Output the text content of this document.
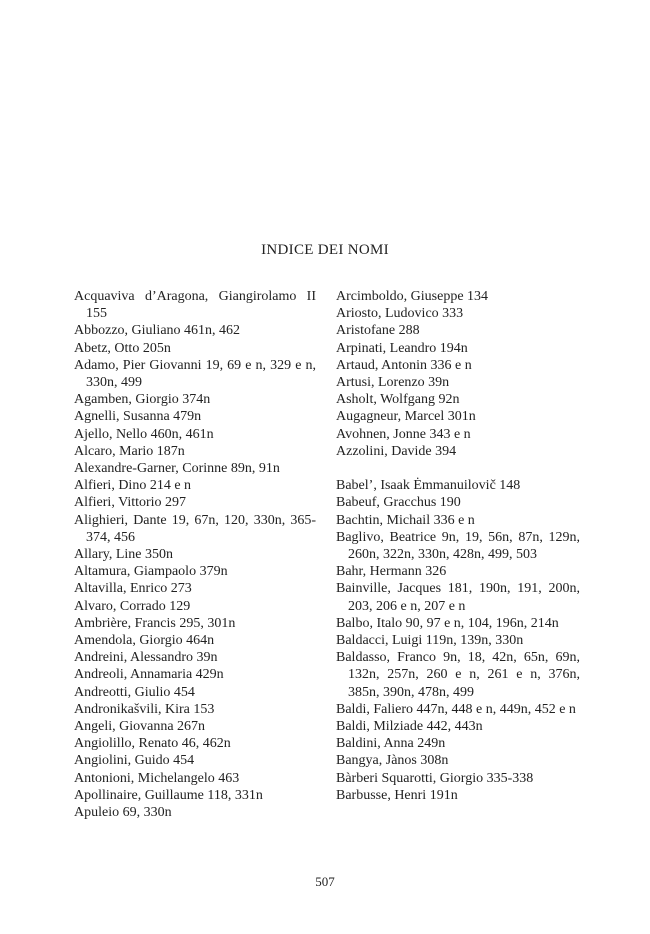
INDICE DEI NOMI
Acquaviva d’Aragona, Giangirolamo II 155
Abbozzo, Giuliano 461n, 462
Abetz, Otto 205n
Adamo, Pier Giovanni 19, 69 e n, 329 e n, 330n, 499
Agamben, Giorgio 374n
Agnelli, Susanna 479n
Ajello, Nello 460n, 461n
Alcaro, Mario 187n
Alexandre-Garner, Corinne 89n, 91n
Alfieri, Dino 214 e n
Alfieri, Vittorio 297
Alighieri, Dante 19, 67n, 120, 330n, 365-374, 456
Allary, Line 350n
Altamura, Giampaolo 379n
Altavilla, Enrico 273
Alvaro, Corrado 129
Ambrière, Francis 295, 301n
Amendola, Giorgio 464n
Andreini, Alessandro 39n
Andreoli, Annamaria 429n
Andreotti, Giulio 454
Andronikašvili, Kira 153
Angeli, Giovanna 267n
Angiolillo, Renato 46, 462n
Angiolini, Guido 454
Antonioni, Michelangelo 463
Apollinaire, Guillaume 118, 331n
Apuleio 69, 330n
Arcimboldo, Giuseppe 134
Ariosto, Ludovico 333
Aristofane 288
Arpinati, Leandro 194n
Artaud, Antonin 336 e n
Artusi, Lorenzo 39n
Asholt, Wolfgang 92n
Augagneur, Marcel 301n
Avohnen, Jonne 343 e n
Azzolini, Davide 394
Babel’, Isaak Ėmmanuilovič 148
Babeuf, Gracchus 190
Bachtin, Michail 336 e n
Baglivo, Beatrice 9n, 19, 56n, 87n, 129n, 260n, 322n, 330n, 428n, 499, 503
Bahr, Hermann 326
Bainville, Jacques 181, 190n, 191, 200n, 203, 206 e n, 207 e n
Balbo, Italo 90, 97 e n, 104, 196n, 214n
Baldacci, Luigi 119n, 139n, 330n
Baldasso, Franco 9n, 18, 42n, 65n, 69n, 132n, 257n, 260 e n, 261 e n, 376n, 385n, 390n, 478n, 499
Baldi, Faliero 447n, 448 e n, 449n, 452 e n
Baldi, Milziade 442, 443n
Baldini, Anna 249n
Bangya, Jànos 308n
Bàrberi Squarotti, Giorgio 335-338
Barbusse, Henri 191n
507
